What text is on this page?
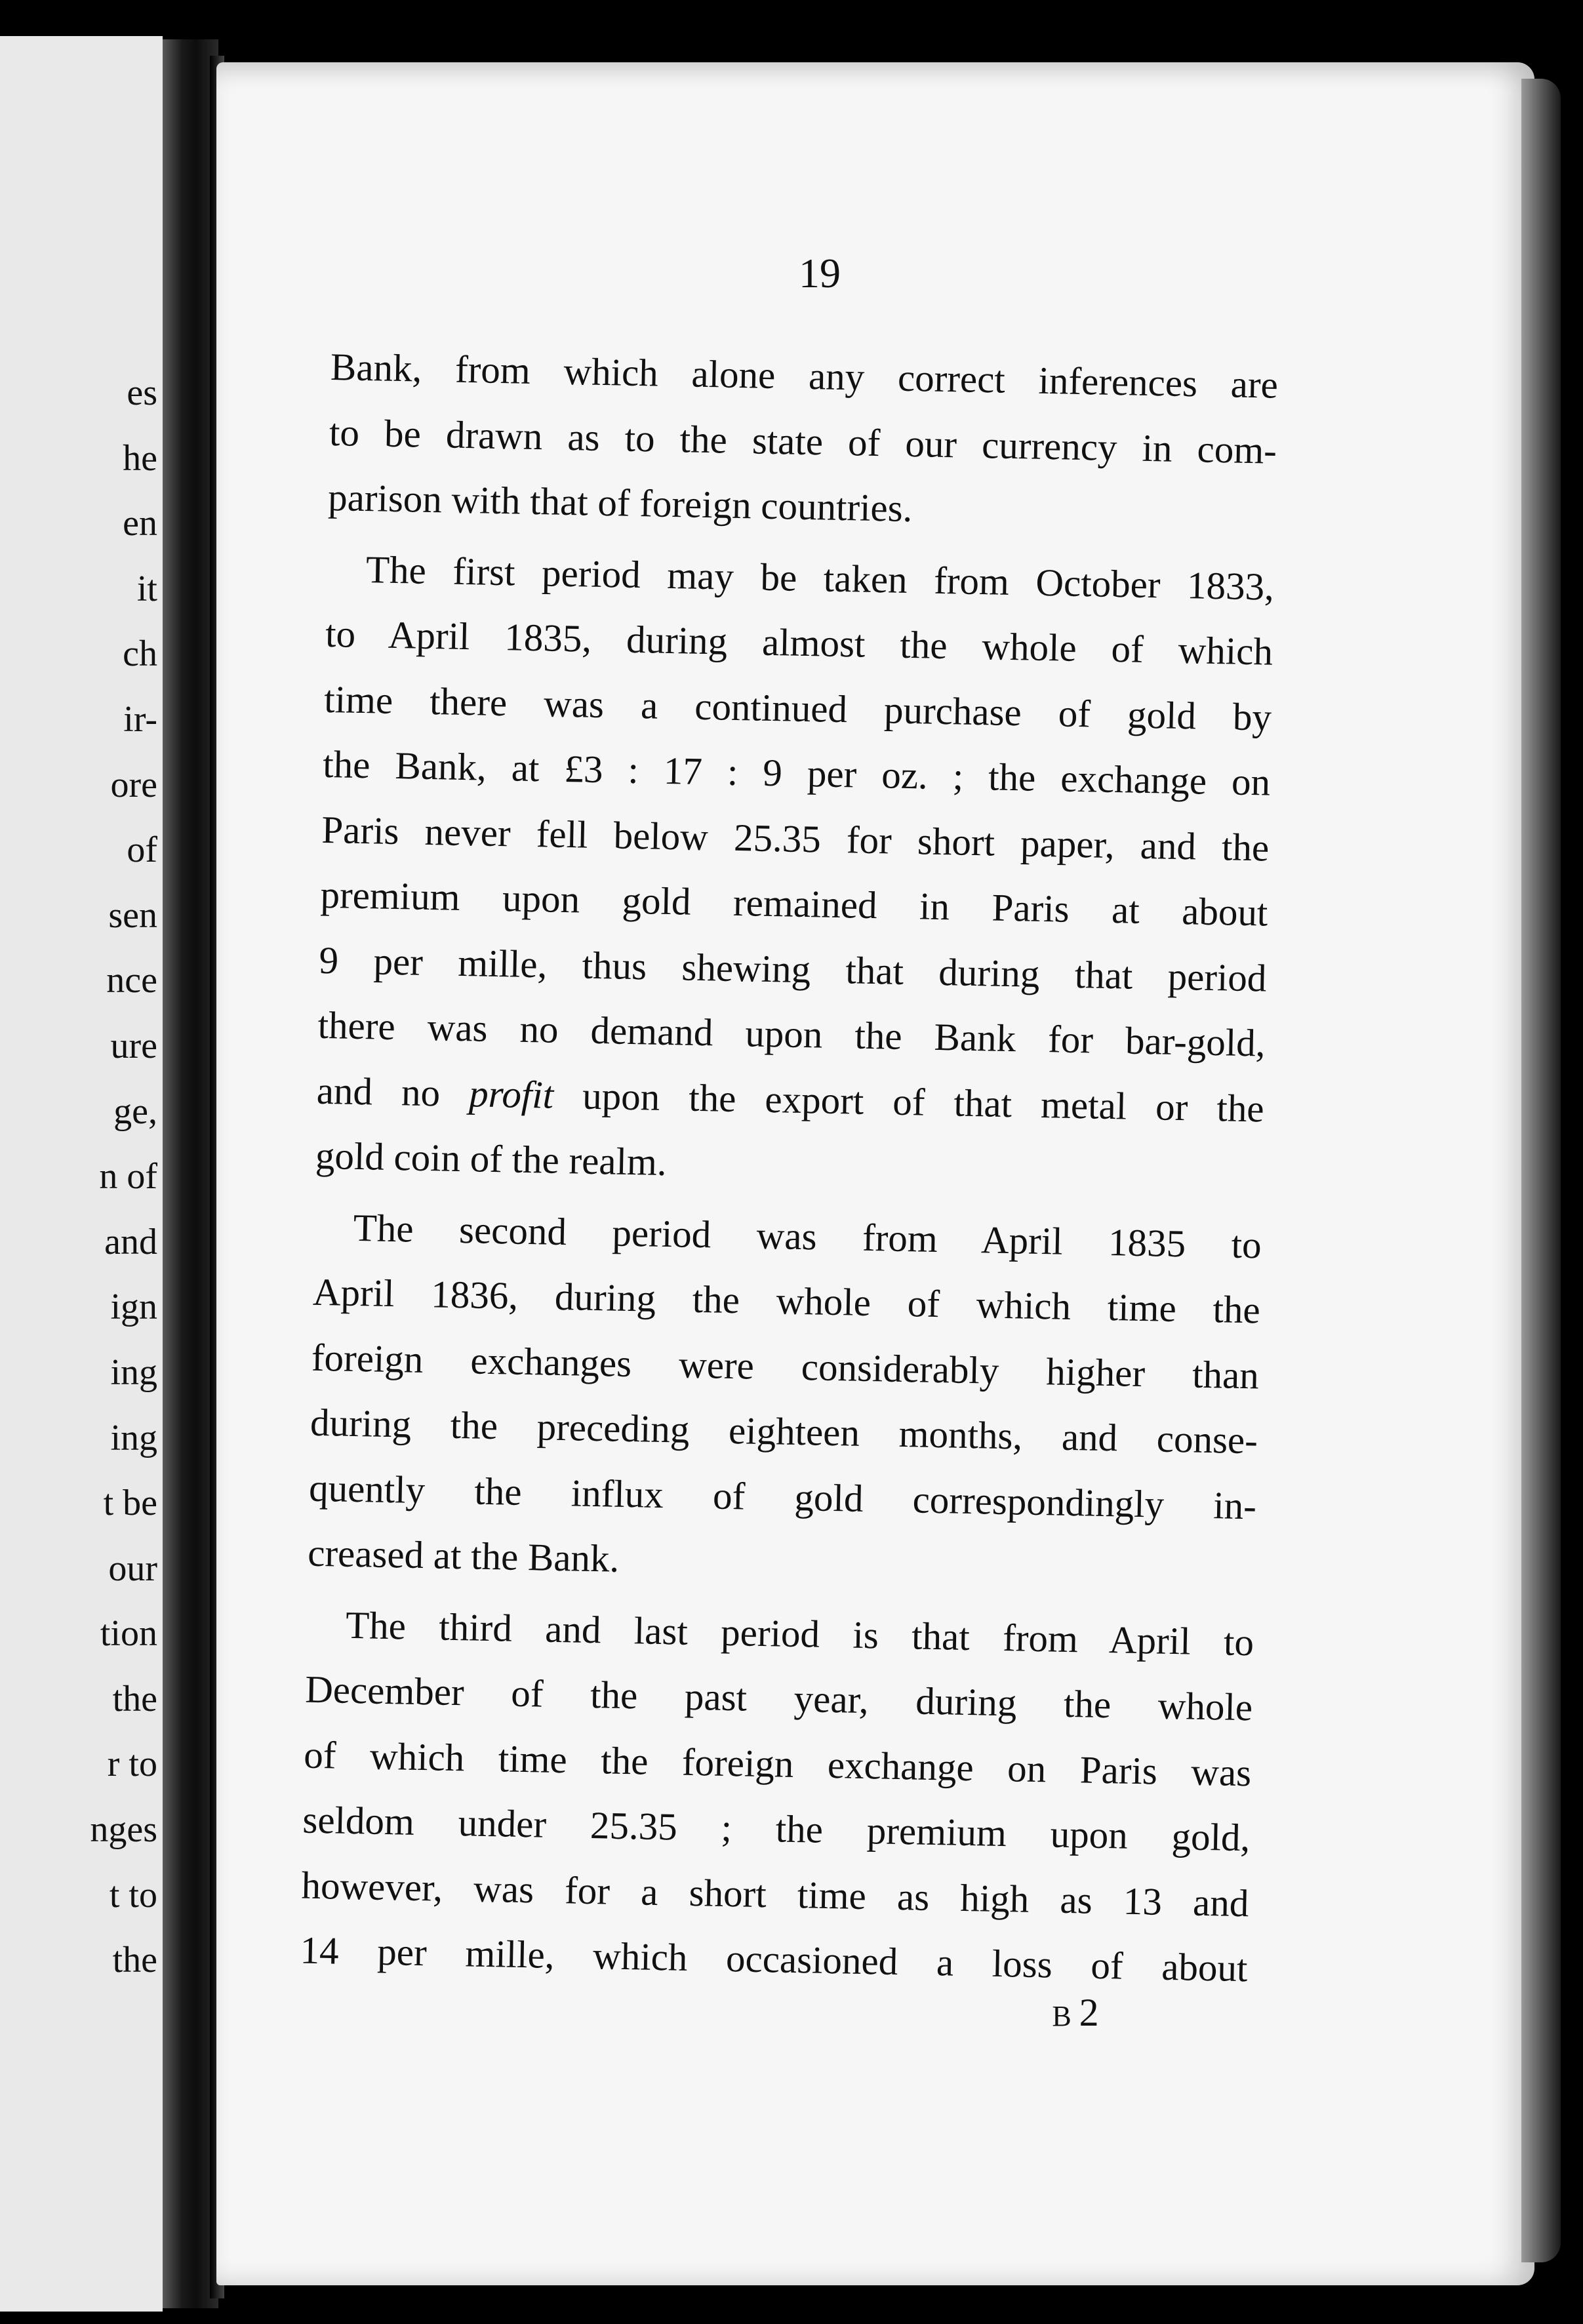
es
he
en
it
ch
ir-
ore
of
sen
nce
ure
ge,
n of
and
ign
ing
ing
t be
our
tion
the
r to
nges
t to
the
19

Bank, from which alone any correct inferences are
to be drawn as to the state of our currency in com-
parison with that of foreign countries.

The first period may be taken from October 1833,
to April 1835, during almost the whole of which
time there was a continued purchase of gold by
the Bank, at £3 : 17 : 9 per oz. ; the exchange on
Paris never fell below 25.35 for short paper, and the
premium upon gold remained in Paris at about
9 per mille, thus shewing that during that period
there was no demand upon the Bank for bar-gold,
and no profit upon the export of that metal or the
gold coin of the realm.

The second period was from April 1835 to
April 1836, during the whole of which time the
foreign exchanges were considerably higher than
during the preceding eighteen months, and conse-
quently the influx of gold correspondingly in-
creased at the Bank.

The third and last period is that from April to
December of the past year, during the whole
of which time the foreign exchange on Paris was
seldom under 25.35 ; the premium upon gold,
however, was for a short time as high as 13 and
14 per mille, which occasioned a loss of about

B 2
